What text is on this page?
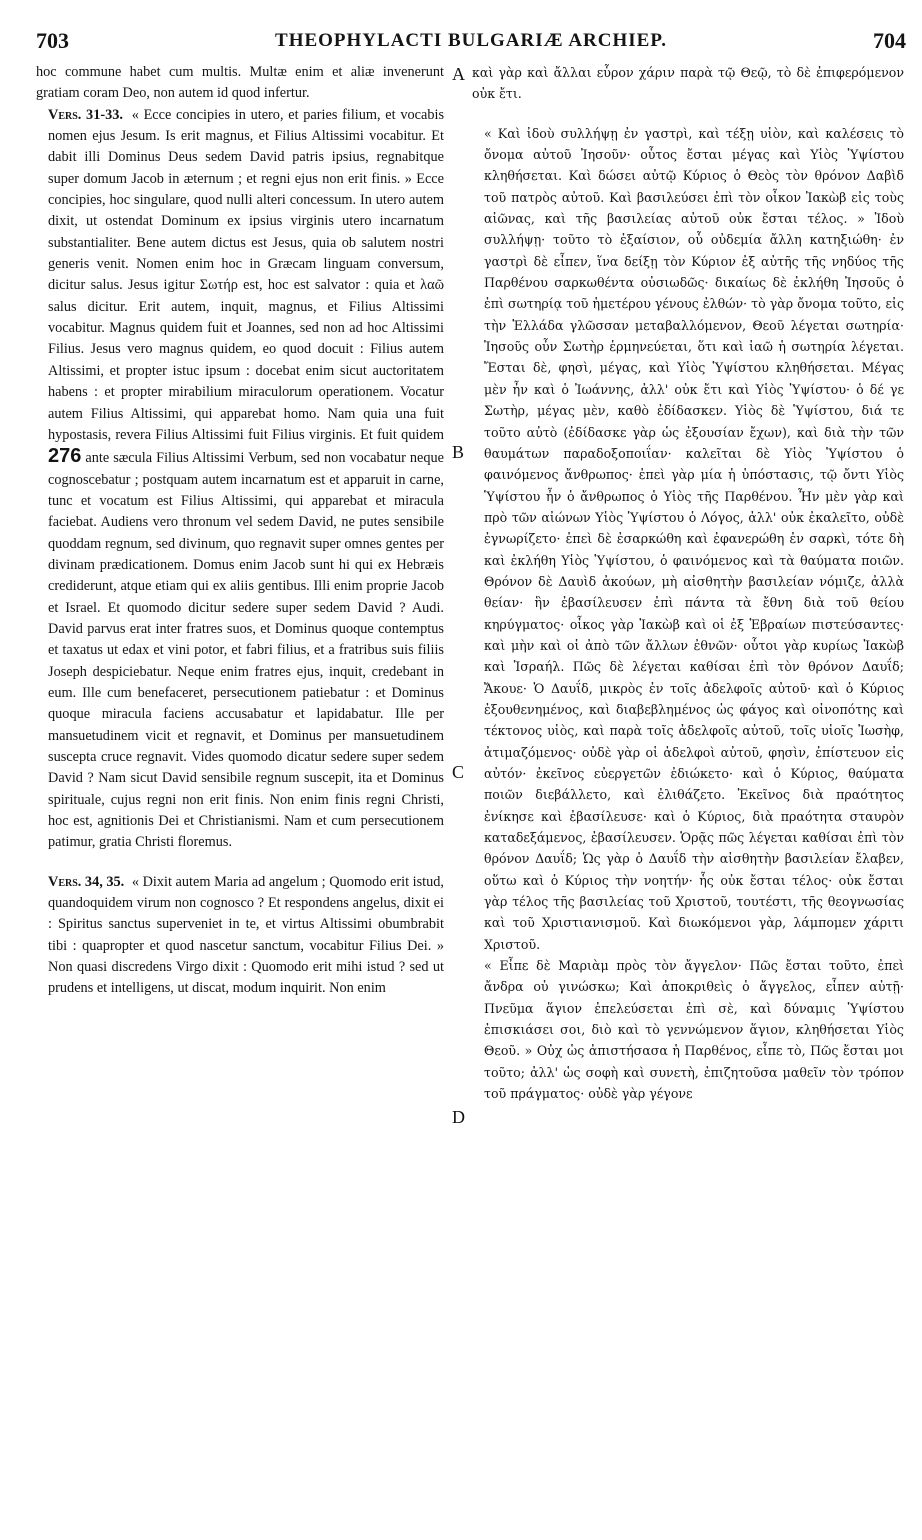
703	THEOPHYLACTI BULGARIÆ ARCHIEP.	704
A
B
C
D

hoc commune habet cum multis. Multæ enim et aliæ invenerunt gratiam coram Deo, non autem id quod infertur.

Vers. 31-33. « Ecce concipies in utero, et paries filium, et vocabis nomen ejus Jesum. Is erit magnus, et Filius Altissimi vocabitur. Et dabit illi Dominus Deus sedem David patris ipsius, regnabitque super domum Jacob in æternum ; et regni ejus non erit finis. » Ecce concipies, hoc singulare, quod nulli alteri concessum. In utero autem dixit, ut ostendat Dominum ex ipsius virginis utero incarnatum substantialiter. Bene autem dictus est Jesus, quia ob salutem nostri generis venit. Nomen enim hoc in Græcam linguam conversum, dicitur salus. Jesus igitur Σωτήρ est, hoc est salvator : quia et λαῶ salus dicitur. Erit autem, inquit, magnus, et Filius Altissimi vocabitur. Magnus quidem fuit et Joannes, sed non ad hoc Altissimi Filius. Jesus vero magnus quidem, eo quod docuit : Filius autem Altissimi, et propter istuc ipsum : docebat enim sicut auctoritatem habens : et propter mirabilium miraculorum operationem. Vocatur autem Filius Altissimi, qui apparebat homo. Nam quia una fuit hypostasis, revera Filius Altissimi fuit Filius virginis. Et fuit quidem 276 ante sæcula Filius Altissimi Verbum, sed non vocabatur neque cognoscebatur ; postquam autem incarnatum est et apparuit in carne, tunc et vocatum est Filius Altissimi, qui apparebat et miracula faciebat. Audiens vero thronum vel sedem David, ne putes sensibile quoddam regnum, sed divinum, quo regnavit super omnes gentes per divinam prædicationem. Domus enim Jacob sunt hi qui ex Hebræis crediderunt, atque etiam qui ex aliis gentibus. Illi enim proprie Jacob et Israel. Et quomodo dicitur sedere super sedem David ? Audi. David parvus erat inter fratres suos, et Dominus quoque contemptus et taxatus ut edax et vini potor, et fabri filius, et a fratribus suis filiis Joseph despiciebatur. Neque enim fratres ejus, inquit, credebant in eum. Ille cum benefaceret, persecutionem patiebatur : et Dominus quoque miracula faciens accusabatur et lapidabatur. Ille per mansuetudinem vicit et regnavit, et Dominus per mansuetudinem suscepta cruce regnavit. Vides quomodo dicatur sedere super sedem David ? Nam sicut David sensibile regnum suscepit, ita et Dominus spirituale, cujus regni non erit finis. Non enim finis regni Christi, hoc est, agnitionis Dei et Christianismi. Nam et cum persecutionem patimur, gratia Christi floremus.

Vers. 34, 35. « Dixit autem Maria ad angelum ; Quomodo erit istud, quandoquidem virum non cognosco ? Et respondens angelus, dixit ei : Spiritus sanctus superveniet in te, et virtus Altissimi obumbrabit tibi : quapropter et quod nascetur sanctum, vocabitur Filius Dei. » Non quasi discredens Virgo dixit : Quomodo erit mihi istud ? sed ut prudens et intelligens, ut discat, modum inquirit. Non enim

καὶ γὰρ καὶ ἄλλαι εὗρον χάριν παρὰ τῷ Θεῷ, τὸ δὲ ἐπιφερόμενον οὐκ ἔτι.

« Καὶ ἰδοὺ συλλήψῃ ἐν γαστρὶ, καὶ τέξῃ υἱὸν, καὶ καλέσεις τὸ ὄνομα αὐτοῦ Ἰησοῦν· οὗτος ἔσται μέγας καὶ Υἱὸς Ὑψίστου κληθήσεται. Καὶ δώσει αὐτῷ Κύριος ὁ Θεὸς τὸν θρόνον Δαβὶδ τοῦ πατρὸς αὐτοῦ. Καὶ βασιλεύσει ἐπὶ τὸν οἶκον Ἰακὼβ εἰς τοὺς αἰῶνας, καὶ τῆς βασιλείας αὐτοῦ οὐκ ἔσται τέλος. » Ἰδοὺ συλλήψῃ· τοῦτο τὸ ἐξαίσιον, οὗ οὐδεμία ἄλλη κατηξιώθη· ἐν γαστρὶ δὲ εἶπεν, ἵνα δείξῃ τὸν Κύριον ἐξ αὐτῆς τῆς νηδύος τῆς Παρθένου σαρκωθέντα οὐσιωδῶς· δικαίως δὲ ἐκλήθη Ἰησοῦς ὁ ἐπὶ σωτηρίᾳ τοῦ ἡμετέρου γένους ἐλθών· τὸ γὰρ ὄνομα τοῦτο, εἰς τὴν Ἑλλάδα γλῶσσαν μεταβαλλόμενον, Θεοῦ λέγεται σωτηρία· Ἰησοῦς οὖν Σωτὴρ ἑρμηνεύεται, ὅτι καὶ ἰαῶ ἡ σωτηρία λέγεται. Ἔσται δὲ, φησὶ, μέγας, καὶ Υἱὸς Ὑψίστου κληθήσεται. Μέγας μὲν ἦν καὶ ὁ Ἰωάννης, ἀλλ' οὐκ ἔτι καὶ Υἱὸς Ὑψίστου· ὁ δέ γε Σωτὴρ, μέγας μὲν, καθὸ ἐδίδασκεν. Υἱὸς δὲ Ὑψίστου, διά τε τοῦτο αὐτὸ (ἐδίδασκε γὰρ ὡς ἐξουσίαν ἔχων), καὶ διὰ τὴν τῶν θαυμάτων παραδοξοποιΐαν· καλεῖται δὲ Υἱὸς Ὑψίστου ὁ φαινόμενος ἄνθρωπος· ἐπεὶ γὰρ μία ἡ ὑπόστασις, τῷ ὄντι Υἱὸς Ὑψίστου ἦν ὁ ἄνθρωπος ὁ Υἱὸς τῆς Παρθένου. Ἦν μὲν γὰρ καὶ πρὸ τῶν αἰώνων Υἱὸς Ὑψίστου ὁ Λόγος, ἀλλ' οὐκ ἐκαλεῖτο, οὐδὲ ἐγνωρίζετο· ἐπεὶ δὲ ἐσαρκώθη καὶ ἐφανερώθη ἐν σαρκὶ, τότε δὴ καὶ ἐκλήθη Υἱὸς Ὑψίστου, ὁ φαινόμενος καὶ τὰ θαύματα ποιῶν. Θρόνον δὲ Δαυὶδ ἀκούων, μὴ αἰσθητὴν βασιλείαν νόμιζε, ἀλλὰ θείαν· ἣν ἐβασίλευσεν ἐπὶ πάντα τὰ ἔθνη διὰ τοῦ θείου κηρύγματος· οἶκος γὰρ Ἰακὼβ καὶ οἱ ἐξ Ἑβραίων πιστεύσαντες· καὶ μὴν καὶ οἱ ἀπὸ τῶν ἄλλων ἐθνῶν· οὗτοι γὰρ κυρίως Ἰακὼβ καὶ Ἰσραήλ. Πῶς δὲ λέγεται καθίσαι ἐπὶ τὸν θρόνον Δαυΐδ; Ἄκουε· Ὁ Δαυΐδ, μικρὸς ἐν τοῖς ἀδελφοῖς αὐτοῦ· καὶ ὁ Κύριος ἐξουθενημένος, καὶ διαβεβλημένος ὡς φάγος καὶ οἰνοπότης καὶ τέκτονος υἱὸς, καὶ παρὰ τοῖς ἀδελφοῖς αὐτοῦ, τοῖς υἱοῖς Ἰωσὴφ, ἀτιμαζόμενος· οὐδὲ γὰρ οἱ ἀδελφοὶ αὐτοῦ, φησὶν, ἐπίστευον εἰς αὐτόν· ἐκεῖνος εὐεργετῶν ἐδιώκετο· καὶ ὁ Κύριος, θαύματα ποιῶν διεβάλλετο, καὶ ἐλιθάζετο. Ἐκεῖνος διὰ πραότητος ἐνίκησε καὶ ἐβασίλευσε· καὶ ὁ Κύριος, διὰ πραότητα σταυρὸν καταδεξάμενος, ἐβασίλευσεν. Ὁρᾷς πῶς λέγεται καθίσαι ἐπὶ τὸν θρόνον Δαυΐδ; Ὡς γὰρ ὁ Δαυΐδ τὴν αἰσθητὴν βασιλείαν ἔλαβεν, οὕτω καὶ ὁ Κύριος τὴν νοητήν· ἧς οὐκ ἔσται τέλος· οὐκ ἔσται γὰρ τέλος τῆς βασιλείας τοῦ Χριστοῦ, τουτέστι, τῆς θεογνωσίας καὶ τοῦ Χριστιανισμοῦ. Καὶ διωκόμενοι γὰρ, λάμπομεν χάριτι Χριστοῦ.

« Εἶπε δὲ Μαριὰμ πρὸς τὸν ἄγγελον· Πῶς ἔσται τοῦτο, ἐπεὶ ἄνδρα οὐ γινώσκω; Καὶ ἀποκριθεὶς ὁ ἄγγελος, εἶπεν αὐτῇ· Πνεῦμα ἅγιον ἐπελεύσεται ἐπὶ σὲ, καὶ δύναμις Ὑψίστου ἐπισκιάσει σοι, διὸ καὶ τὸ γεννώμενον ἅγιον, κληθήσεται Υἱὸς Θεοῦ. » Οὐχ ὡς ἀπιστήσασα ἡ Παρθένος, εἶπε τὸ, Πῶς ἔσται μοι τοῦτο; ἀλλ' ὡς σοφὴ καὶ συνετὴ, ἐπιζητοῦσα μαθεῖν τὸν τρόπον τοῦ πράγματος· οὐδὲ γὰρ γέγονε
